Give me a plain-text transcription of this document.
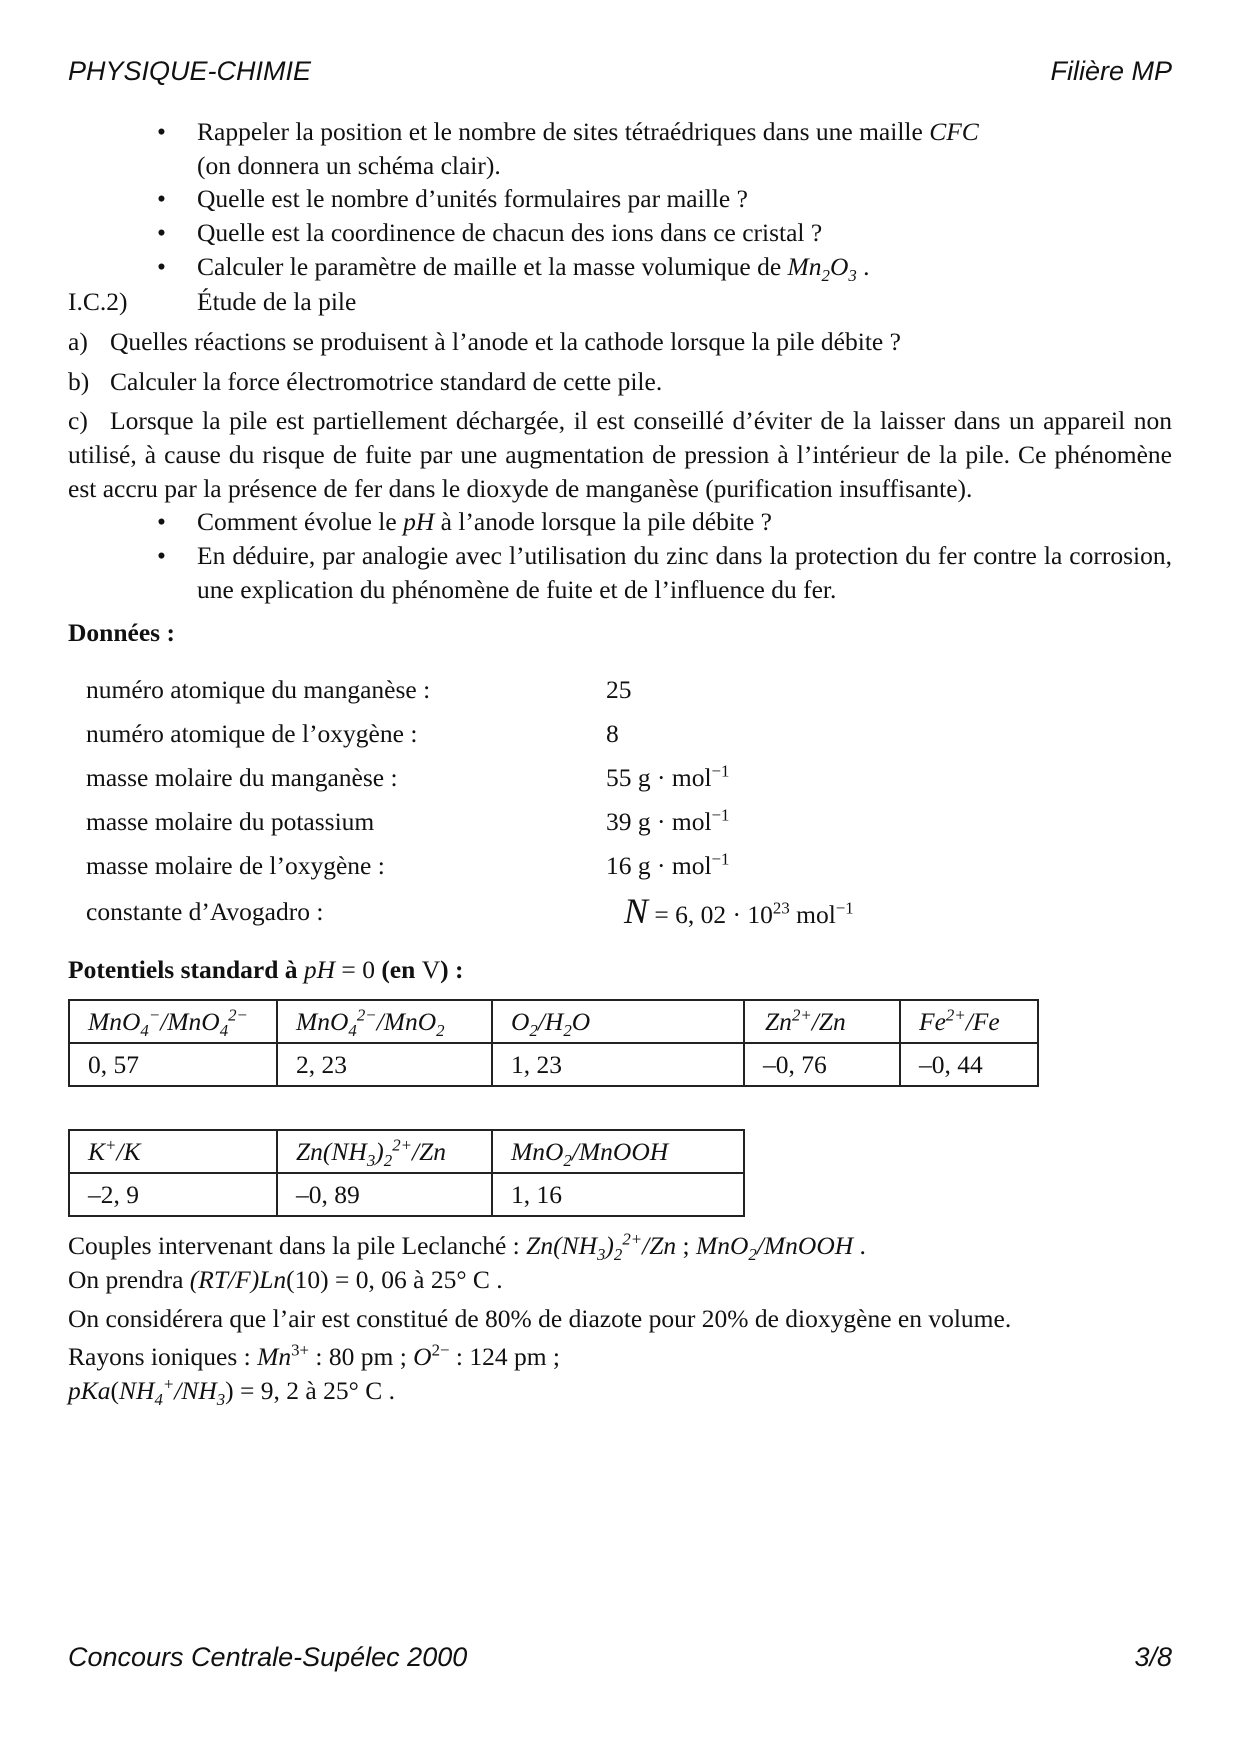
PHYSIQUE-CHIMIE	Filière MP
• Rappeler la position et le nombre de sites tétraédriques dans une maille CFC
(on donnera un schéma clair).
• Quelle est le nombre d’unités formulaires par maille ?
• Quelle est la coordinence de chacun des ions dans ce cristal ?
• Calculer le paramètre de maille et la masse volumique de $Mn_2O_3$ .
I.C.2)	Étude de la pile
a) Quelles réactions se produisent à l’anode et la cathode lorsque la pile débite ?
b) Calculer la force électromotrice standard de cette pile.
c) Lorsque la pile est partiellement déchargée, il est conseillé d’éviter de la laisser dans un appareil non utilisé, à cause du risque de fuite par une augmentation de pression à l’intérieur de la pile. Ce phénomène est accru par la présence de fer dans le dioxyde de manganèse (purification insuffisante).
• Comment évolue le pH à l’anode lorsque la pile débite ?
• En déduire, par analogie avec l’utilisation du zinc dans la protection du fer contre la corrosion, une explication du phénomène de fuite et de l’influence du fer.
Données :
numéro atomique du manganèse :	25
numéro atomique de l’oxygène :	8
masse molaire du manganèse :	55 g · mol$^{-1}$
masse molaire du potassium	39 g · mol$^{-1}$
masse molaire de l’oxygène :	16 g · mol$^{-1}$
constante d’Avogadro :	N = 6, $02 \cdot 10^{23}$ mol$^{-1}$
Potentiels standard à pH = 0 (en V) :
MnO$_4$−/MnO$_4^{2-}$	MnO$_4^{2-}$/MnO$_2$	$O_2/H_2O$	$Zn^{2+}/Zn$	$Fe^{2+}/Fe$
0, 57	2, 23	1, 23	–0, 76	–0, 44
K+/K	$Zn(NH_3)_2^{2+}/Zn$	MnO$_2$/MnOOH
–2, 9	–0, 89	1, 16
Couples intervenant dans la pile Leclanché : $Zn(NH_3)_2^{2+}/Zn$ ; MnO$_2$/MnOOH .
On prendra (RT/F)Ln(10) = 0, 06 à 25° C .
On considérera que l’air est constitué de 80% de diazote pour 20% de dioxygène en volume.
Rayons ioniques : $Mn^{3+}$ : 80 pm ; $O^{2-}$ : 124 pm ;
$pKa(NH_4^+/NH_3) = 9$, 2 à 25° C .
Concours Centrale-Supélec 2000	3/8
